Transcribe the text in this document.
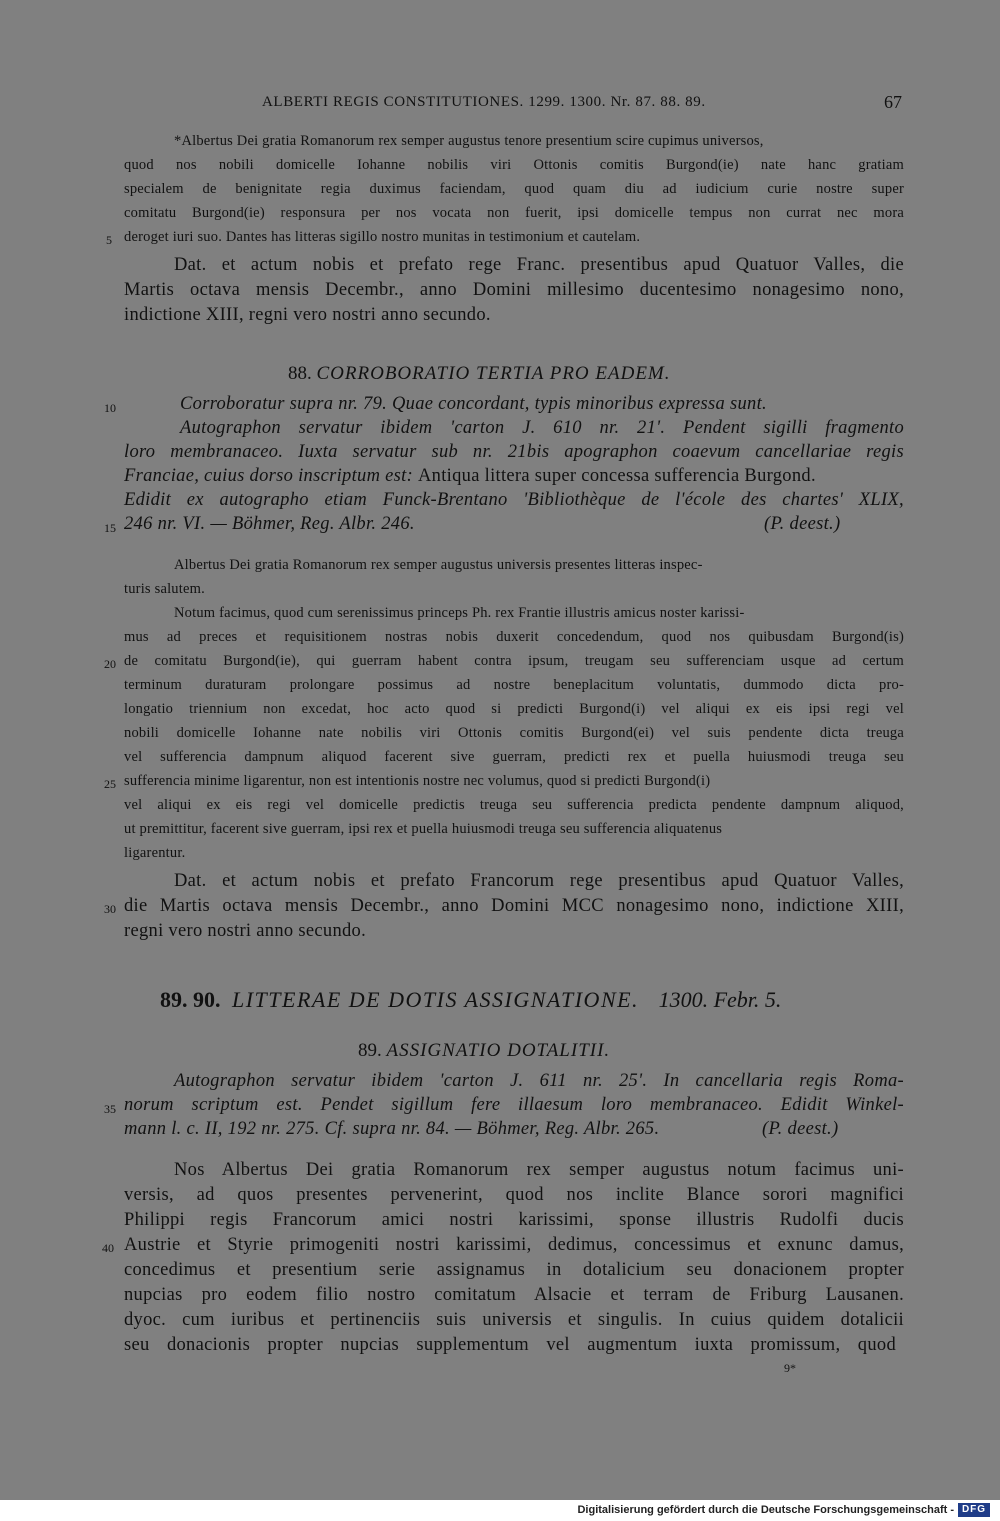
ALBERTI REGIS CONSTITUTIONES. 1299. 1300. Nr. 87. 88. 89.	67
*Albertus Dei gratia Romanorum rex semper augustus tenore presentium scire cupimus universos,
quod nos nobili domicelle Iohanne nobilis viri Ottonis comitis Burgond(ie) nate hanc gratiam
specialem de benignitate regia duximus faciendam, quod quam diu ad iudicium curie nostre super
comitatu Burgond(ie) responsura per nos vocata non fuerit, ipsi domicelle tempus non currat nec mora
5 deroget iuri suo. Dantes has litteras sigillo nostro munitas in testimonium et cautelam.
Dat. et actum nobis et prefato rege Franc. presentibus apud Quatuor Valles, die
Martis octava mensis Decembr., anno Domini millesimo ducentesimo nonagesimo nono,
indictione XIII, regni vero nostri anno secundo.
88. CORROBORATIO TERTIA PRO EADEM.
10	Corroboratur supra nr. 79. Quae concordant, typis minoribus expressa sunt.
Autographon servatur ibidem 'carton J. 610 nr. 21'. Pendent sigilli fragmento
loro membranaceo. Iuxta servatur sub nr. 21bis apographon coaevum cancellariae regis
Franciae, cuius dorso inscriptum est: Antiqua littera super concessa sufferencia Burgond.
Edidit ex autographo etiam Funck-Brentano 'Bibliothèque de l'école des chartes' XLIX,
15 246 nr. VI. — Böhmer, Reg. Albr. 246.	(P. deest.)
Albertus Dei gratia Romanorum rex semper augustus universis presentes litteras inspec-
turis salutem.
Notum facimus, quod cum serenissimus princeps Ph. rex Frantie illustris amicus noster karissi-
mus ad preces et requisitionem nostras nobis duxerit concedendum, quod nos quibusdam Burgond(is)
20 de comitatu Burgond(ie), qui guerram habent contra ipsum, treugam seu sufferenciam usque ad certum
terminum duraturam prolongare possimus ad nostre beneplacitum voluntatis, dummodo dicta pro-
longatio triennium non excedat, hoc acto quod si predicti Burgond(i) vel aliqui ex eis ipsi regi vel
nobili domicelle Iohanne nate nobilis viri Ottonis comitis Burgond(ei) vel suis pendente dicta treuga
vel sufferencia dampnum aliquod facerent sive guerram, predicti rex et puella huiusmodi treuga seu
25 sufferencia minime ligarentur, non est intentionis nostre nec volumus, quod si predicti Burgond(i)
vel aliqui ex eis regi vel domicelle predictis treuga seu sufferencia predicta pendente dampnum aliquod,
ut premittitur, facerent sive guerram, ipsi rex et puella huiusmodi treuga seu sufferencia aliquatenus
ligarentur.
Dat. et actum nobis et prefato Francorum rege presentibus apud Quatuor Valles,
30 die Martis octava mensis Decembr., anno Domini MCC nonagesimo nono, indictione XIII,
regni vero nostri anno secundo.
89. 90. LITTERAE DE DOTIS ASSIGNATIONE. 1300. Febr. 5.
89. ASSIGNATIO DOTALITII.
Autographon servatur ibidem 'carton J. 611 nr. 25'. In cancellaria regis Roma-
35 norum scriptum est. Pendet sigillum fere illaesum loro membranaceo. Edidit Winkel-
mann l. c. II, 192 nr. 275. Cf. supra nr. 84. — Böhmer, Reg. Albr. 265.	(P. deest.)
Nos Albertus Dei gratia Romanorum rex semper augustus notum facimus uni-
versis, ad quos presentes pervenerint, quod nos inclite Blance sorori magnifici
Philippi regis Francorum amici nostri karissimi, sponse illustris Rudolfi ducis
40 Austrie et Styrie primogeniti nostri karissimi, dedimus, concessimus et exnunc damus,
concedimus et presentium serie assignamus in dotalicium seu donacionem propter
nupcias pro eodem filio nostro comitatum Alsacie et terram de Friburg Lausanen.
dyoc. cum iuribus et pertinenciis suis universis et singulis. In cuius quidem dotalicii
seu donacionis propter nupcias supplementum vel augmentum iuxta promissum, quod
9*
Digitalisierung gefördert durch die Deutsche Forschungsgemeinschaft - DFG
